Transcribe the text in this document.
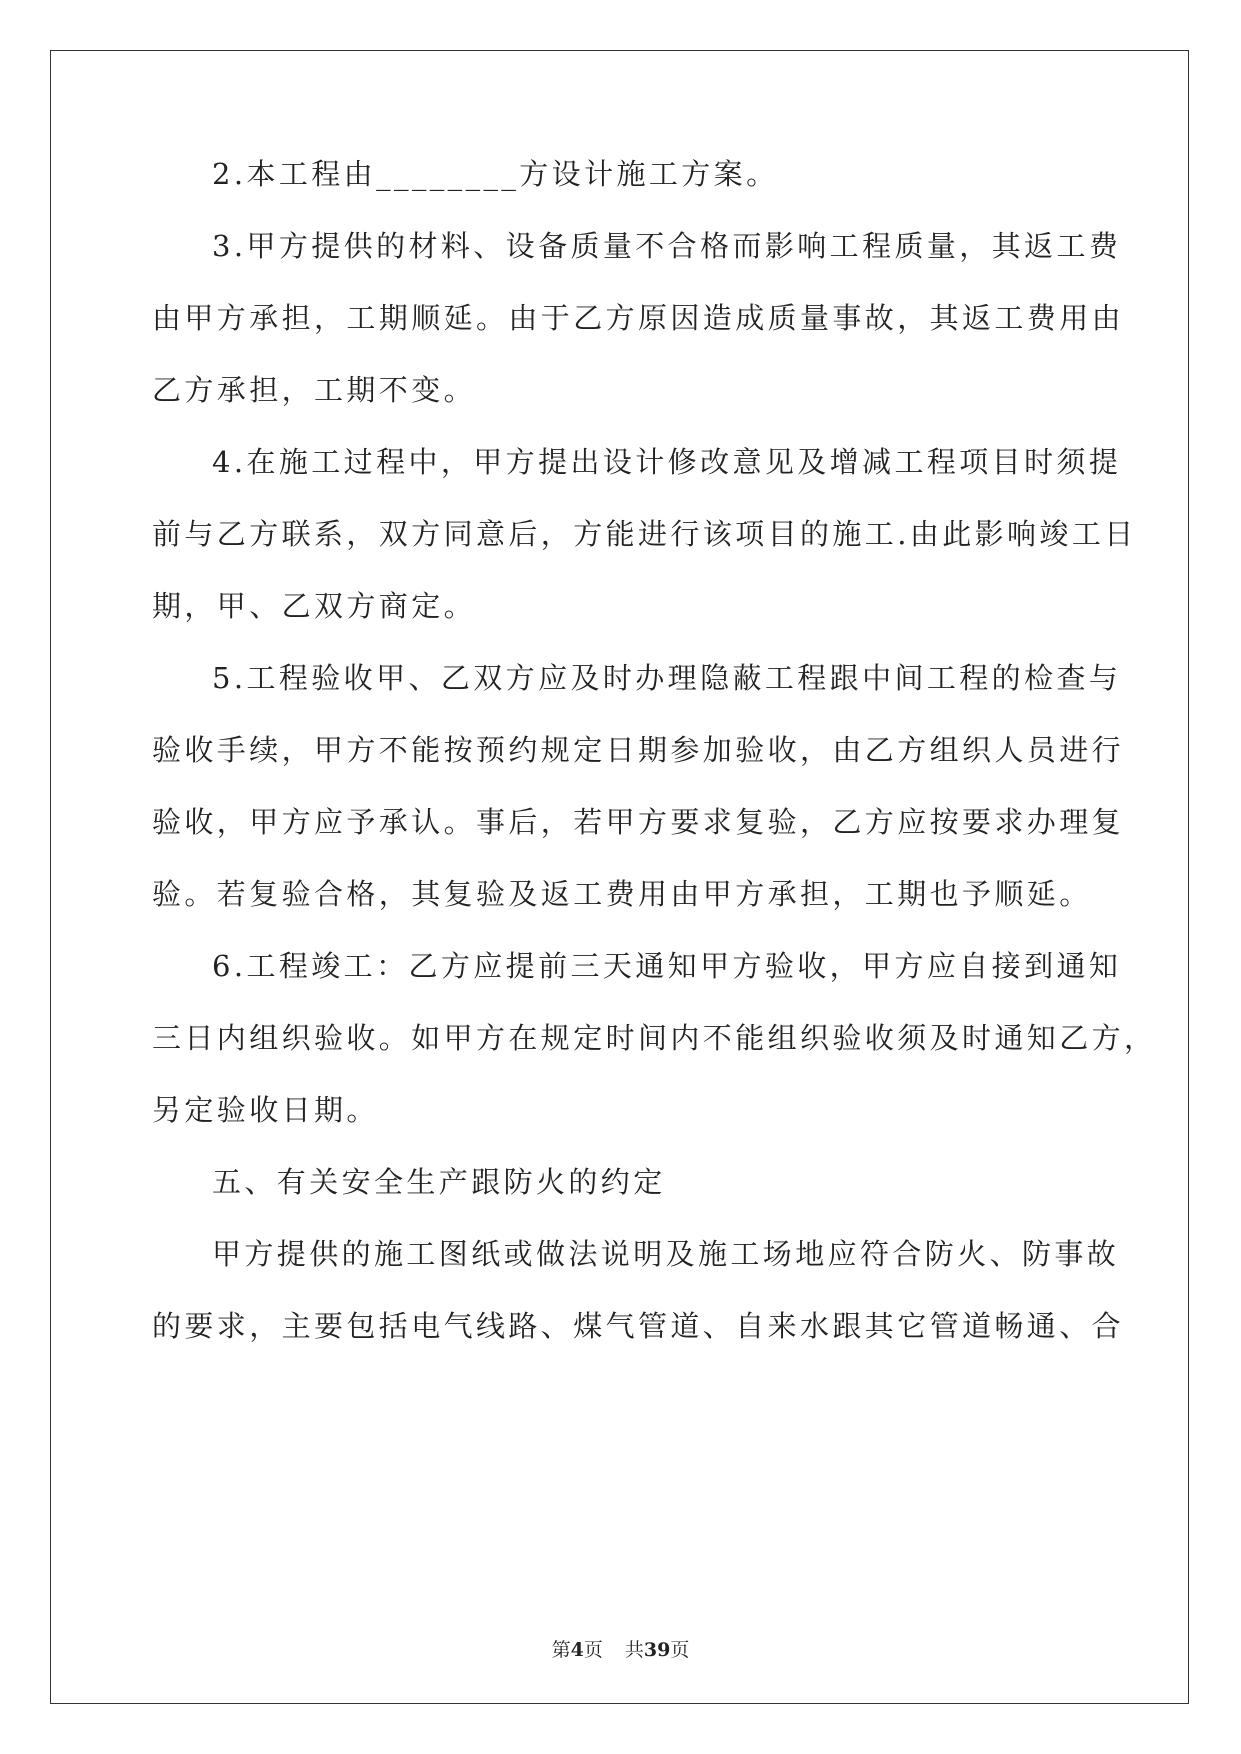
2.本工程由________方设计施工方案。
3.甲方提供的材料、设备质量不合格而影响工程质量，其返工费
由甲方承担，工期顺延。由于乙方原因造成质量事故，其返工费用由
乙方承担，工期不变。
4.在施工过程中，甲方提出设计修改意见及增减工程项目时须提
前与乙方联系，双方同意后，方能进行该项目的施工.由此影响竣工日
期，甲、乙双方商定。
5.工程验收甲、乙双方应及时办理隐蔽工程跟中间工程的检查与
验收手续，甲方不能按预约规定日期参加验收，由乙方组织人员进行
验收，甲方应予承认。事后，若甲方要求复验，乙方应按要求办理复
验。若复验合格，其复验及返工费用由甲方承担，工期也予顺延。
6.工程竣工：乙方应提前三天通知甲方验收，甲方应自接到通知
三日内组织验收。如甲方在规定时间内不能组织验收须及时通知乙方，
另定验收日期。
五、有关安全生产跟防火的约定
甲方提供的施工图纸或做法说明及施工场地应符合防火、防事故
的要求，主要包括电气线路、煤气管道、自来水跟其它管道畅通、合
第4页 共39页
